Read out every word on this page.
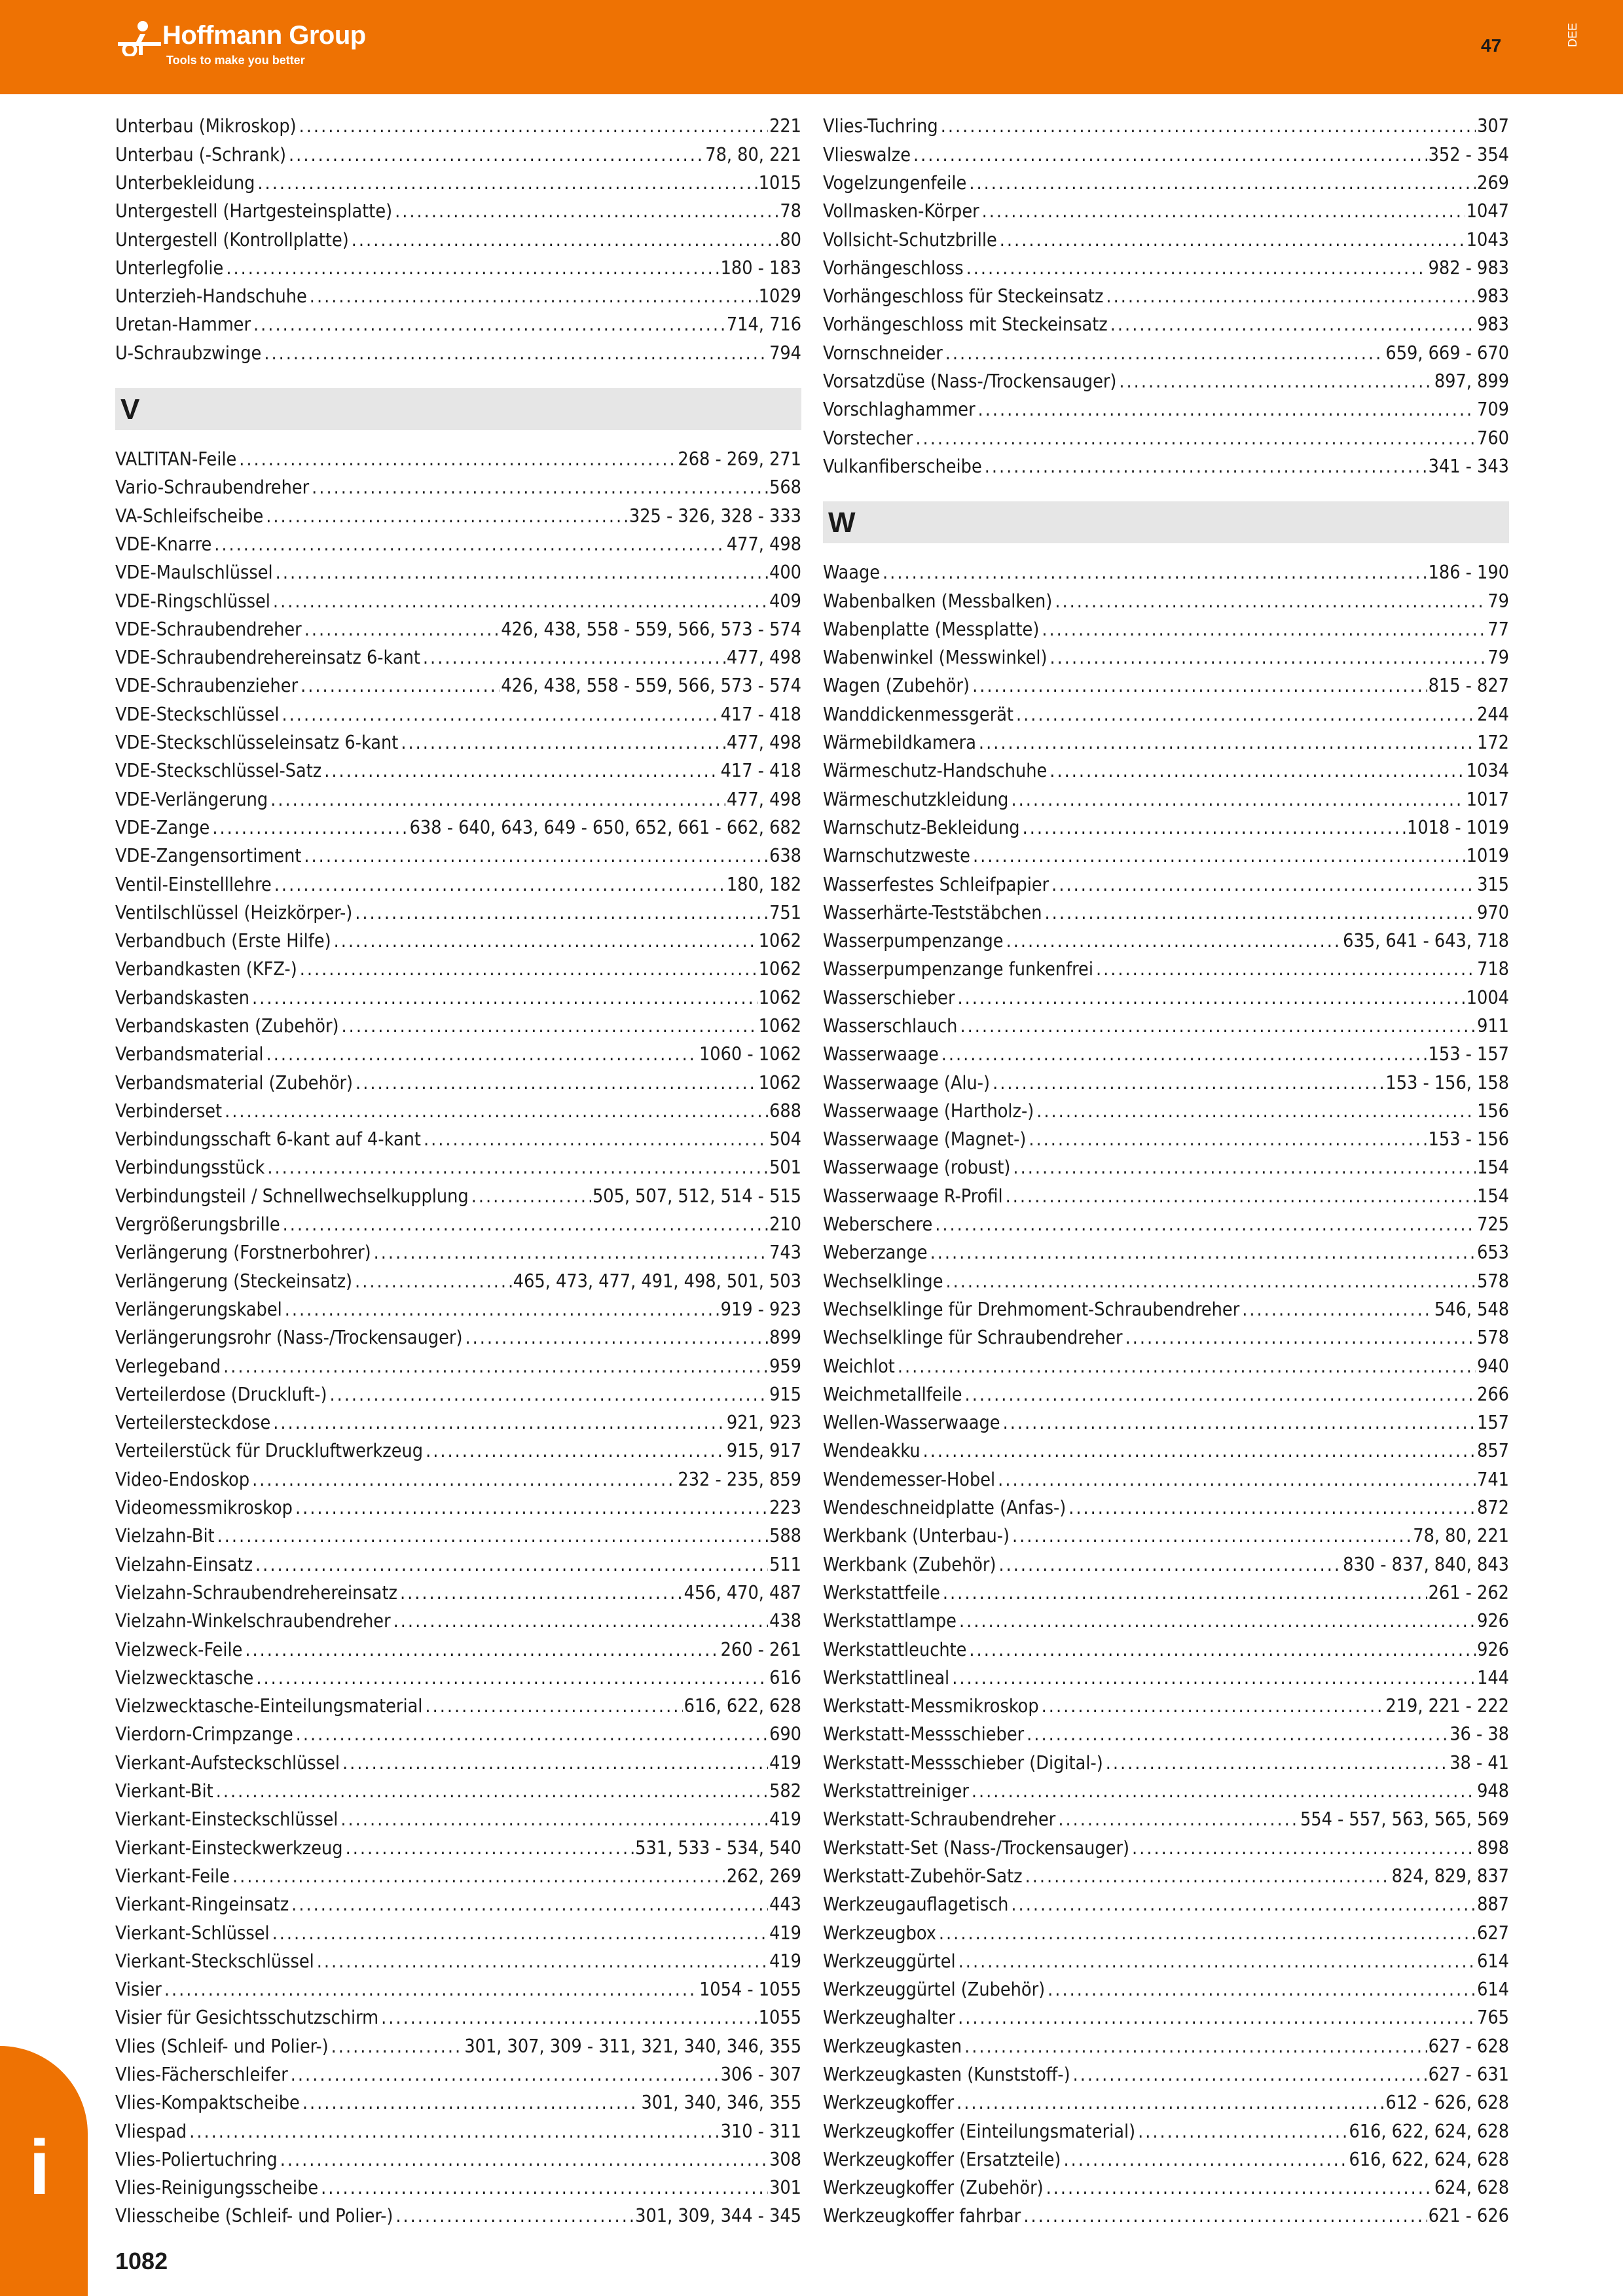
Hoffmann Group
Tools to make you better
47	DEE
Unterbau (Mikroskop) .....	221
Unterbau (-Schrank) .....	78, 80, 221
Unterbekleidung .....	1015
Untergestell (Hartgesteinsplatte) .....	78
Untergestell (Kontrollplatte) .....	80
Unterlegfolie .....	180 - 183
Unterzieh-Handschuhe .....	1029
Uretan-Hammer .....	714, 716
U-Schraubzwinge .....	794
V
VALTITAN-Feile .....	268 - 269, 271
Vario-Schraubendreher .....	568
VA-Schleifscheibe .....	325 - 326, 328 - 333
VDE-Knarre .....	477, 498
VDE-Maulschlüssel .....	400
VDE-Ringschlüssel .....	409
VDE-Schraubendreher .....	426, 438, 558 - 559, 566, 573 - 574
VDE-Schraubendrehereinsatz 6-kant .....	477, 498
VDE-Schraubenzieher .....	426, 438, 558 - 559, 566, 573 - 574
VDE-Steckschlüssel .....	417 - 418
VDE-Steckschlüsseleinsatz 6-kant .....	477, 498
VDE-Steckschlüssel-Satz .....	417 - 418
VDE-Verlängerung .....	477, 498
VDE-Zange .....	638 - 640, 643, 649 - 650, 652, 661 - 662, 682
VDE-Zangensortiment .....	638
Ventil-Einstelllehre .....	180, 182
Ventilschlüssel (Heizkörper-) .....	751
Verbandbuch (Erste Hilfe) .....	1062
Verbandkasten (KFZ-) .....	1062
Verbandskasten .....	1062
Verbandskasten (Zubehör) .....	1062
Verbandsmaterial .....	1060 - 1062
Verbandsmaterial (Zubehör) .....	1062
Verbinderset .....	688
Verbindungsschaft 6-kant auf 4-kant .....	504
Verbindungsstück .....	501
Verbindungsteil / Schnellwechselkupplung .....	505, 507, 512, 514 - 515
Vergrößerungsbrille .....	210
Verlängerung (Forstnerbohrer) .....	743
Verlängerung (Steckeinsatz) .....	465, 473, 477, 491, 498, 501, 503
Verlängerungskabel .....	919 - 923
Verlängerungsrohr (Nass-/Trockensauger) .....	899
Verlegeband .....	959
Verteilerdose (Druckluft-) .....	915
Verteilersteckdose .....	921, 923
Verteilerstück für Druckluftwerkzeug .....	915, 917
Video-Endoskop .....	232 - 235, 859
Videomessmikroskop .....	223
Vielzahn-Bit .....	588
Vielzahn-Einsatz .....	511
Vielzahn-Schraubendrehereinsatz .....	456, 470, 487
Vielzahn-Winkelschraubendreher .....	438
Vielzweck-Feile .....	260 - 261
Vielzwecktasche .....	616
Vielzwecktasche-Einteilungsmaterial .....	616, 622, 628
Vierdorn-Crimpzange .....	690
Vierkant-Aufsteckschlüssel .....	419
Vierkant-Bit .....	582
Vierkant-Einsteckschlüssel .....	419
Vierkant-Einsteckwerkzeug .....	531, 533 - 534, 540
Vierkant-Feile .....	262, 269
Vierkant-Ringeinsatz .....	443
Vierkant-Schlüssel .....	419
Vierkant-Steckschlüssel .....	419
Visier .....	1054 - 1055
Visier für Gesichtsschutzschirm .....	1055
Vlies (Schleif- und Polier-) .....	301, 307, 309 - 311, 321, 340, 346, 355
Vlies-Fächerschleifer .....	306 - 307
Vlies-Kompaktscheibe .....	301, 340, 346, 355
Vliespad .....	310 - 311
Vlies-Poliertuchring .....	308
Vlies-Reinigungsscheibe .....	301
Vliesscheibe (Schleif- und Polier-) .....	301, 309, 344 - 345
Vlies-Tuchring .....	307
Vlieswalze .....	352 - 354
Vogelzungenfeile .....	269
Vollmasken-Körper .....	1047
Vollsicht-Schutzbrille .....	1043
Vorhängeschloss .....	982 - 983
Vorhängeschloss für Steckeinsatz .....	983
Vorhängeschloss mit Steckeinsatz .....	983
Vornschneider .....	659, 669 - 670
Vorsatzdüse (Nass-/Trockensauger) .....	897, 899
Vorschlaghammer .....	709
Vorstecher .....	760
Vulkanfiberscheibe .....	341 - 343
W
Waage .....	186 - 190
Wabenbalken (Messbalken) .....	79
Wabenplatte (Messplatte) .....	77
Wabenwinkel (Messwinkel) .....	79
Wagen (Zubehör) .....	815 - 827
Wanddickenmessgerät .....	244
Wärmebildkamera .....	172
Wärmeschutz-Handschuhe .....	1034
Wärmeschutzkleidung .....	1017
Warnschutz-Bekleidung .....	1018 - 1019
Warnschutzweste .....	1019
Wasserfestes Schleifpapier .....	315
Wasserhärte-Teststäbchen .....	970
Wasserpumpenzange .....	635, 641 - 643, 718
Wasserpumpenzange funkenfrei .....	718
Wasserschieber .....	1004
Wasserschlauch .....	911
Wasserwaage .....	153 - 157
Wasserwaage (Alu-) .....	153 - 156, 158
Wasserwaage (Hartholz-) .....	156
Wasserwaage (Magnet-) .....	153 - 156
Wasserwaage (robust) .....	154
Wasserwaage R-Profil .....	154
Weberschere .....	725
Weberzange .....	653
Wechselklinge .....	578
Wechselklinge für Drehmoment-Schraubendreher .....	546, 548
Wechselklinge für Schraubendreher .....	578
Weichlot .....	940
Weichmetallfeile .....	266
Wellen-Wasserwaage .....	157
Wendeakku .....	857
Wendemesser-Hobel .....	741
Wendeschneidplatte (Anfas-) .....	872
Werkbank (Unterbau-) .....	78, 80, 221
Werkbank (Zubehör) .....	830 - 837, 840, 843
Werkstattfeile .....	261 - 262
Werkstattlampe .....	926
Werkstattleuchte .....	926
Werkstattlineal .....	144
Werkstatt-Messmikroskop .....	219, 221 - 222
Werkstatt-Messschieber .....	36 - 38
Werkstatt-Messschieber (Digital-) .....	38 - 41
Werkstattreiniger .....	948
Werkstatt-Schraubendreher .....	554 - 557, 563, 565, 569
Werkstatt-Set (Nass-/Trockensauger) .....	898
Werkstatt-Zubehör-Satz .....	824, 829, 837
Werkzeugauflagetisch .....	887
Werkzeugbox .....	627
Werkzeuggürtel .....	614
Werkzeuggürtel (Zubehör) .....	614
Werkzeughalter .....	765
Werkzeugkasten .....	627 - 628
Werkzeugkasten (Kunststoff-) .....	627 - 631
Werkzeugkoffer .....	612 - 626, 628
Werkzeugkoffer (Einteilungsmaterial) .....	616, 622, 624, 628
Werkzeugkoffer (Ersatzteile) .....	616, 622, 624, 628
Werkzeugkoffer (Zubehör) .....	624, 628
Werkzeugkoffer fahrbar .....	621 - 626
i
1082
